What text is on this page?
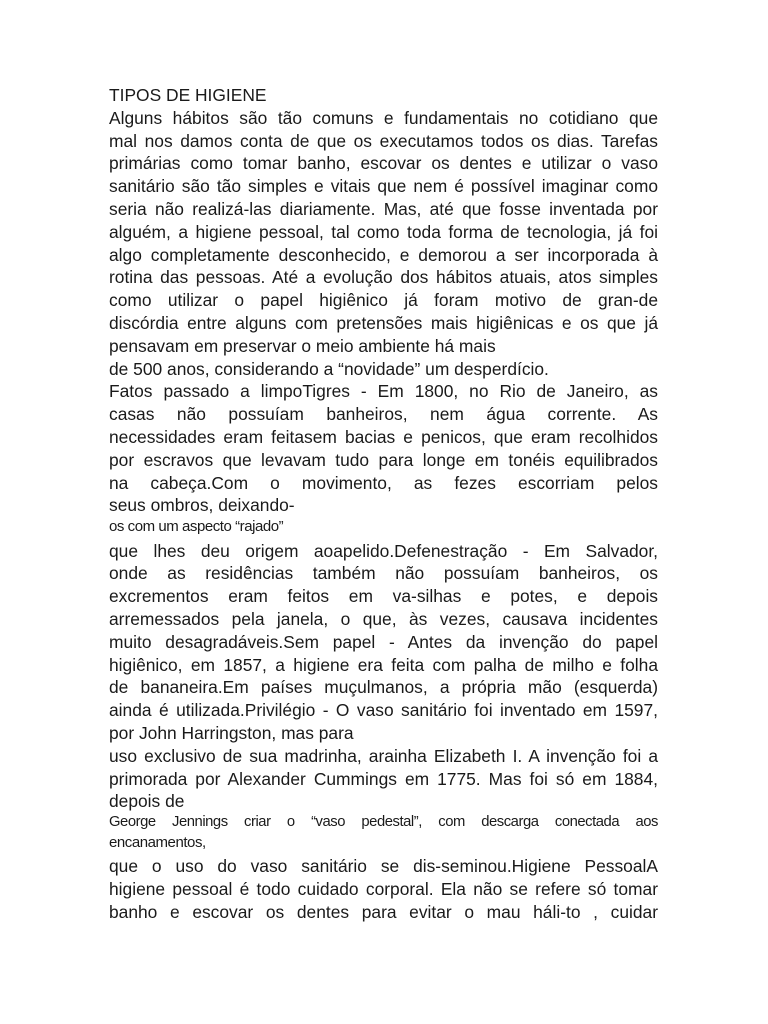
TIPOS DE HIGIENE
Alguns hábitos são tão comuns e fundamentais no cotidiano que
mal nos damos conta de que os executamos todos os dias. Tarefas
primárias como tomar banho, escovar os dentes e utilizar o vaso
sanitário são tão simples e vitais que nem é possível imaginar como
seria não realizá-las diariamente. Mas, até que fosse inventada por
alguém, a higiene pessoal, tal como toda forma de tecnologia, já foi
algo completamente desconhecido, e demorou a ser incorporada à
rotina das pessoas. Até a evolução dos hábitos atuais, atos simples
como utilizar o papel higiênico já foram motivo de gran-de
discórdia entre alguns com pretensões mais higiênicas e os que já
pensavam em preservar o meio ambiente há mais
de 500 anos, considerando a “novidade” um desperdício.
Fatos passado a limpoTigres - Em 1800, no Rio de Janeiro, as
casas não possuíam banheiros, nem água corrente. As
necessidades eram feitasem bacias e penicos, que eram recolhidos
por escravos que levavam tudo para longe em tonéis equilibrados
na cabeça.Com o movimento, as fezes escorriam pelos
seus ombros, deixando-
os com um aspecto “rajado”
que lhes deu origem aoapelido.Defenestração - Em Salvador,
onde as residências também não possuíam banheiros, os
excrementos eram feitos em va-silhas e potes, e depois
arremessados pela janela, o que, às vezes, causava incidentes
muito desagradáveis.Sem papel - Antes da invenção do papel
higiênico, em 1857, a higiene era feita com palha de milho e folha
de bananeira.Em países muçulmanos, a própria mão (esquerda)
ainda é utilizada.Privilégio - O vaso sanitário foi inventado em 1597,
por John Harringston, mas para
uso exclusivo de sua madrinha, arainha Elizabeth I. A invenção foi a
primorada por Alexander Cummings em 1775. Mas foi só em 1884,
depois de
George Jennings criar o “vaso pedestal”, com descarga conectada aos
encanamentos,
que o uso do vaso sanitário se dis-seminou.Higiene PessoalA
higiene pessoal é todo cuidado corporal. Ela não se refere só tomar
banho e escovar os dentes para evitar o mau háli-to , cuidar
